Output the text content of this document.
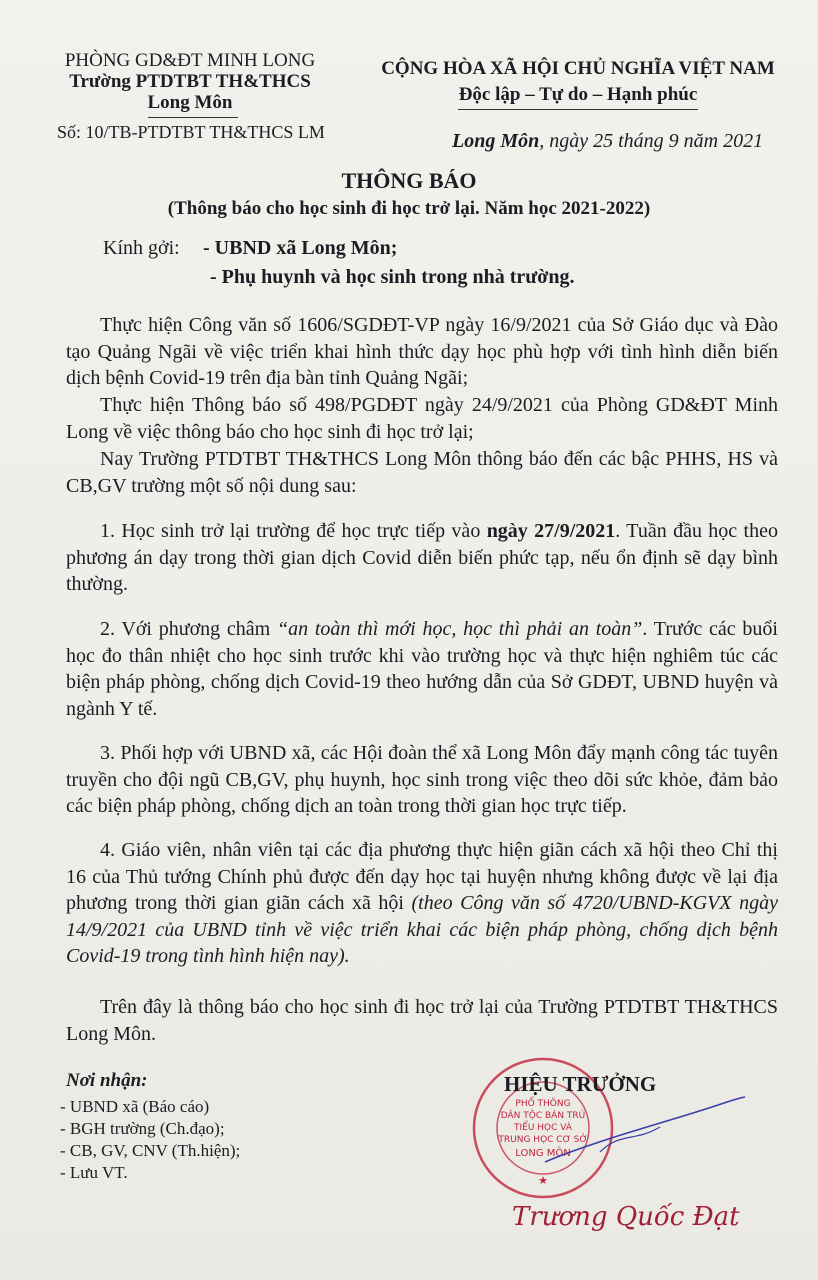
PHÒNG GD&ĐT MINH LONG
Trường PTDTBT TH&THCS
Long Môn
Số: 10/TB-PTDTBT TH&THCS LM
CỘNG HÒA XÃ HỘI CHỦ NGHĨA VIỆT NAM
Độc lập – Tự do – Hạnh phúc
Long Môn, ngày 25 tháng 9 năm 2021
THÔNG BÁO
(Thông báo cho học sinh đi học trở lại. Năm học 2021-2022)
Kính gởi: - UBND xã Long Môn;
- Phụ huynh và học sinh trong nhà trường.
Thực hiện Công văn số 1606/SGDĐT-VP ngày 16/9/2021 của Sở Giáo dục và Đào tạo Quảng Ngãi về việc triển khai hình thức dạy học phù hợp với tình hình diễn biến dịch bệnh Covid-19 trên địa bàn tỉnh Quảng Ngãi;
Thực hiện Thông báo số 498/PGDĐT ngày 24/9/2021 của Phòng GD&ĐT Minh Long về việc thông báo cho học sinh đi học trở lại;
Nay Trường PTDTBT TH&THCS Long Môn thông báo đến các bậc PHHS, HS và CB,GV trường một số nội dung sau:
1. Học sinh trở lại trường để học trực tiếp vào ngày 27/9/2021. Tuần đầu học theo phương án dạy trong thời gian dịch Covid diễn biến phức tạp, nếu ổn định sẽ dạy bình thường.
2. Với phương châm “an toàn thì mới học, học thì phải an toàn”. Trước các buổi học đo thân nhiệt cho học sinh trước khi vào trường học và thực hiện nghiêm túc các biện pháp phòng, chống dịch Covid-19 theo hướng dẫn của Sở GDĐT, UBND huyện và ngành Y tế.
3. Phối hợp với UBND xã, các Hội đoàn thể xã Long Môn đẩy mạnh công tác tuyên truyền cho đội ngũ CB,GV, phụ huynh, học sinh trong việc theo dõi sức khỏe, đảm bảo các biện pháp phòng, chống dịch an toàn trong thời gian học trực tiếp.
4. Giáo viên, nhân viên tại các địa phương thực hiện giãn cách xã hội theo Chỉ thị 16 của Thủ tướng Chính phủ được đến dạy học tại huyện nhưng không được về lại địa phương trong thời gian giãn cách xã hội (theo Công văn số 4720/UBND-KGVX ngày 14/9/2021 của UBND tỉnh về việc triển khai các biện pháp phòng, chống dịch bệnh Covid-19 trong tình hình hiện nay).
Trên đây là thông báo cho học sinh đi học trở lại của Trường PTDTBT TH&THCS Long Môn.
Nơi nhận:
- UBND xã (Báo cáo)
- BGH trường (Ch.đạo);
- CB, GV, CNV (Th.hiện);
- Lưu VT.
PHỔ THÔNG
DÂN TỘC BÁN TRÚ
TIỂU HỌC VÀ
TRUNG HỌC CƠ SỞ
LONG MÔN
★
HIỆU TRƯỞNG
Trương Quốc Đạt
